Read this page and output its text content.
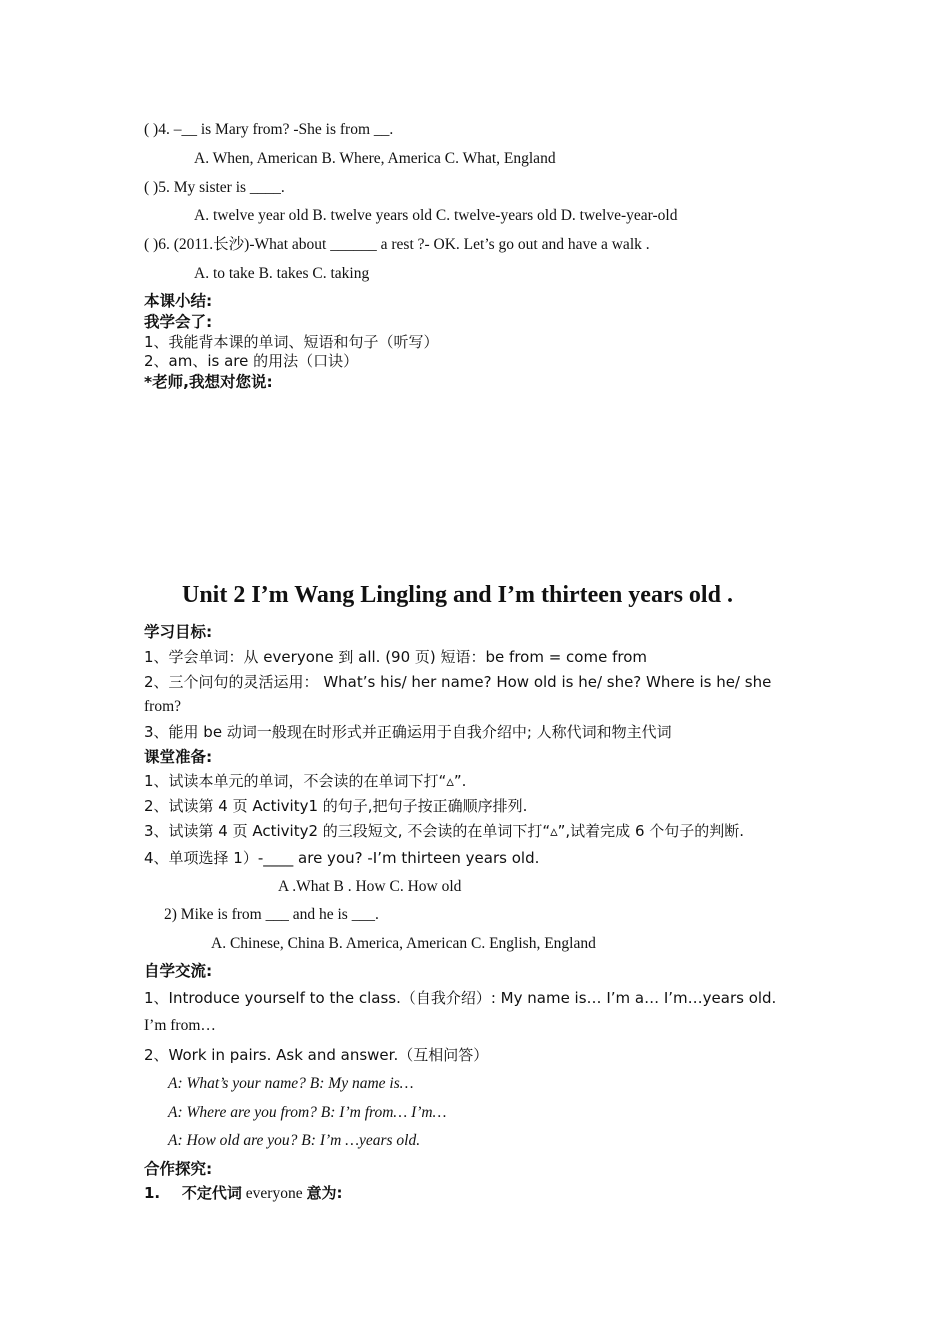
( )4. –__ is Mary from? -She is from __.
A. When, American B. Where, America C. What, England
( )5. My sister is ____.
A. twelve year old B. twelve years old C. twelve-years old D. twelve-year-old
( )6. (2011.长沙)-What about ______ a rest ?- OK. Let’s go out and have a walk .
A. to take B. takes C. taking
本课小结:
我学会了:
1、我能背本课的单词、短语和句子（听写）
2、am、is are 的用法（口诀）
*老师,我想对您说:
Unit 2 I’m Wang Lingling and I’m thirteen years old .
学习目标:
1、学会单词：从 everyone 到 all. (90 页) 短语：be from = come from
2、三个问句的灵活运用： What’s his/ her name? How old is he/ she? Where is he/ she
from?
3、能用 be 动词一般现在时形式并正确运用于自我介绍中; 人称代词和物主代词
课堂准备:
1、试读本单元的单词，不会读的在单词下打“▵”.
2、试读第 4 页 Activity1 的句子,把句子按正确顺序排列.
3、试读第 4 页 Activity2 的三段短文, 不会读的在单词下打“▵”,试着完成 6 个句子的判断.
4、单项选择 1）-____ are you? -I’m thirteen years old.
A .What B . How C. How old
2) Mike is from ___ and he is ___.
A. Chinese, China B. America, American C. English, England
自学交流:
1、Introduce yourself to the class.（自我介绍）: My name is… I’m a… I’m…years old.
I’m from…
2、Work in pairs. Ask and answer.（互相问答）
A: What’s your name? B: My name is…
A: Where are you from? B: I’m from… I’m…
A: How old are you? B: I’m …years old.
合作探究:
1. 不定代词 everyone 意为:
